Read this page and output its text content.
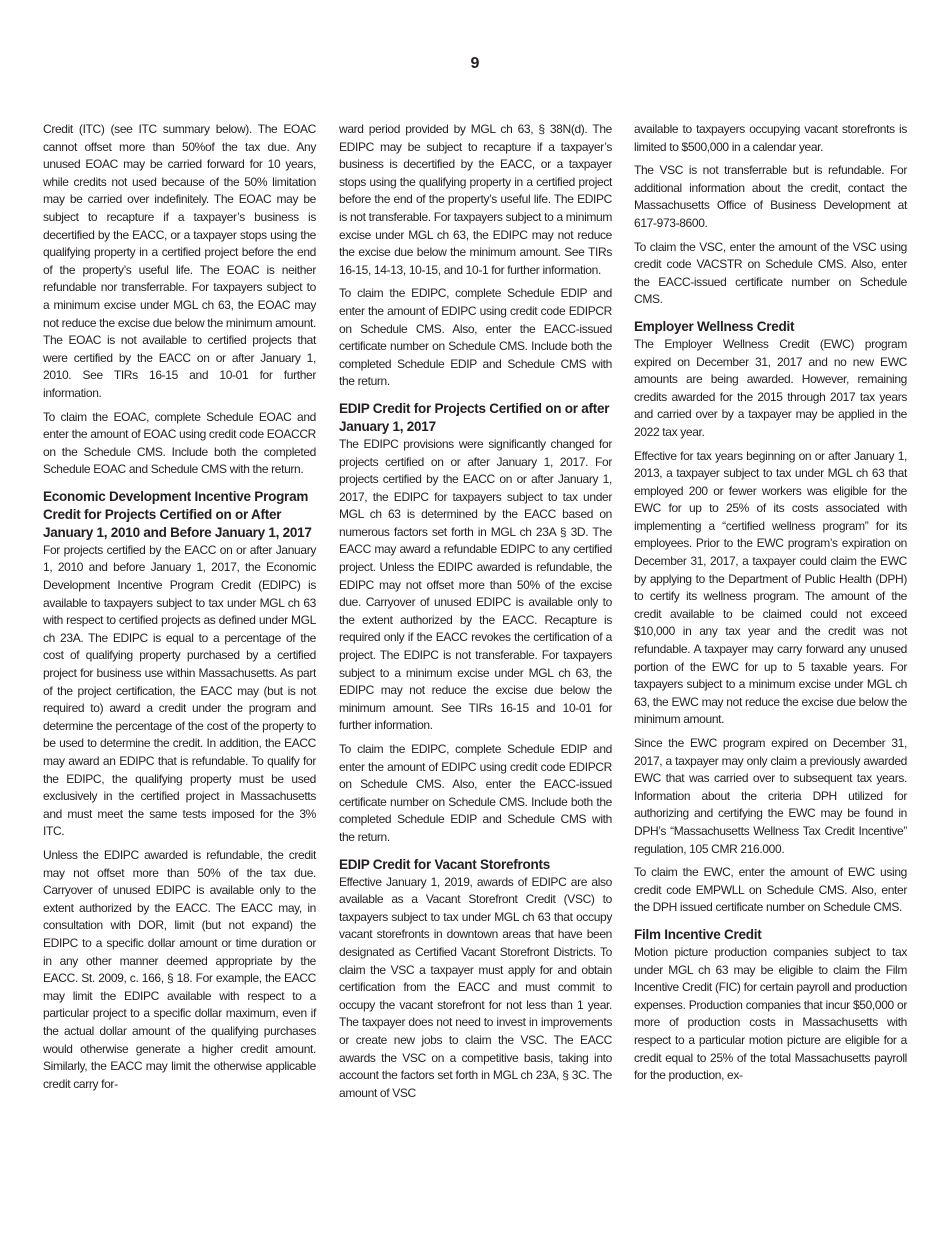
9

Credit (ITC) (see ITC summary below). The EOAC cannot offset more than 50%of the tax due. Any unused EOAC may be carried forward for 10 years, while credits not used because of the 50% limitation may be carried over indefinitely. The EOAC may be subject to recapture if a taxpayer’s business is decertified by the EACC, or a taxpayer stops using the qualifying property in a certified project before the end of the property’s useful life. The EOAC is neither refundable nor transferrable. For taxpayers subject to a minimum excise under MGL ch 63, the EOAC may not reduce the excise due below the minimum amount. The EOAC is not available to certified projects that were certified by the EACC on or after January 1, 2010. See TIRs 16-15 and 10-01 for further information.

To claim the EOAC, complete Schedule EOAC and enter the amount of EOAC using credit code EOACCR on the Schedule CMS. Include both the completed Schedule EOAC and Schedule CMS with the return.

Economic Development Incentive Program Credit for Projects Certified on or After January 1, 2010 and Before January 1, 2017

For projects certified by the EACC on or after January 1, 2010 and before January 1, 2017, the Economic Development Incentive Program Credit (EDIPC) is available to taxpayers subject to tax under MGL ch 63 with respect to certified projects as defined under MGL ch 23A. The EDIPC is equal to a percentage of the cost of qualifying property purchased by a certified project for business use within Massachusetts. As part of the project certification, the EACC may (but is not required to) award a credit under the program and determine the percentage of the cost of the property to be used to determine the credit. In addition, the EACC may award an EDIPC that is refundable. To qualify for the EDIPC, the qualifying property must be used exclusively in the certified project in Massachusetts and must meet the same tests imposed for the 3% ITC.

Unless the EDIPC awarded is refundable, the credit may not offset more than 50% of the tax due. Carryover of unused EDIPC is available only to the extent authorized by the EACC. The EACC may, in consultation with DOR, limit (but not expand) the EDIPC to a specific dollar amount or time duration or in any other manner deemed appropriate by the EACC. St. 2009, c. 166, § 18. For example, the EACC may limit the EDIPC available with respect to a particular project to a specific dollar maximum, even if the actual dollar amount of the qualifying purchases would otherwise generate a higher credit amount. Similarly, the EACC may limit the otherwise applicable credit carry for-

ward period provided by MGL ch 63, § 38N(d). The EDIPC may be subject to recapture if a taxpayer’s business is decertified by the EACC, or a taxpayer stops using the qualifying property in a certified project before the end of the property’s useful life. The EDIPC is not transferable. For taxpayers subject to a minimum excise under MGL ch 63, the EDIPC may not reduce the excise due below the minimum amount. See TIRs 16-15, 14-13, 10-15, and 10-1 for further information.

To claim the EDIPC, complete Schedule EDIP and enter the amount of EDIPC using credit code EDIPCR on Schedule CMS. Also, enter the EACC-issued certificate number on Schedule CMS. Include both the completed Schedule EDIP and Schedule CMS with the return.

EDIP Credit for Projects Certified on or after January 1, 2017

The EDIPC provisions were significantly changed for projects certified on or after January 1, 2017. For projects certified by the EACC on or after January 1, 2017, the EDIPC for taxpayers subject to tax under MGL ch 63 is determined by the EACC based on numerous factors set forth in MGL ch 23A § 3D. The EACC may award a refundable EDIPC to any certified project. Unless the EDIPC awarded is refundable, the EDIPC may not offset more than 50% of the excise due. Carryover of unused EDIPC is available only to the extent authorized by the EACC. Recapture is required only if the EACC revokes the certification of a project. The EDIPC is not transferable. For taxpayers subject to a minimum excise under MGL ch 63, the EDIPC may not reduce the excise due below the minimum amount. See TIRs 16-15 and 10-01 for further information.

To claim the EDIPC, complete Schedule EDIP and enter the amount of EDIPC using credit code EDIPCR on Schedule CMS. Also, enter the EACC-issued certificate number on Schedule CMS. Include both the completed Schedule EDIP and Schedule CMS with the return.

EDIP Credit for Vacant Storefronts

Effective January 1, 2019, awards of EDIPC are also available as a Vacant Storefront Credit (VSC) to taxpayers subject to tax under MGL ch 63 that occupy vacant storefronts in downtown areas that have been designated as Certified Vacant Storefront Districts. To claim the VSC a taxpayer must apply for and obtain certification from the EACC and must commit to occupy the vacant storefront for not less than 1 year. The taxpayer does not need to invest in improvements or create new jobs to claim the VSC. The EACC awards the VSC on a competitive basis, taking into account the factors set forth in MGL ch 23A, § 3C. The amount of VSC

available to taxpayers occupying vacant storefronts is limited to $500,000 in a calendar year.

The VSC is not transferrable but is refundable. For additional information about the credit, contact the Massachusetts Office of Business Development at 617-973-8600.

To claim the VSC, enter the amount of the VSC using credit code VACSTR on Schedule CMS. Also, enter the EACC-issued certificate number on Schedule CMS.

Employer Wellness Credit

The Employer Wellness Credit (EWC) program expired on December 31, 2017 and no new EWC amounts are being awarded. However, remaining credits awarded for the 2015 through 2017 tax years and carried over by a taxpayer may be applied in the 2022 tax year.

Effective for tax years beginning on or after January 1, 2013, a taxpayer subject to tax under MGL ch 63 that employed 200 or fewer workers was eligible for the EWC for up to 25% of its costs associated with implementing a “certified wellness program” for its employees. Prior to the EWC program’s expiration on December 31, 2017, a taxpayer could claim the EWC by applying to the Department of Public Health (DPH) to certify its wellness program. The amount of the credit available to be claimed could not exceed $10,000 in any tax year and the credit was not refundable. A taxpayer may carry forward any unused portion of the EWC for up to 5 taxable years. For taxpayers subject to a minimum excise under MGL ch 63, the EWC may not reduce the excise due below the minimum amount.

Since the EWC program expired on December 31, 2017, a taxpayer may only claim a previously awarded EWC that was carried over to subsequent tax years. Information about the criteria DPH utilized for authorizing and certifying the EWC may be found in DPH’s “Massachusetts Wellness Tax Credit Incentive” regulation, 105 CMR 216.000.

To claim the EWC, enter the amount of EWC using credit code EMPWLL on Schedule CMS. Also, enter the DPH issued certificate number on Schedule CMS.

Film Incentive Credit

Motion picture production companies subject to tax under MGL ch 63 may be eligible to claim the Film Incentive Credit (FIC) for certain payroll and production expenses. Production companies that incur $50,000 or more of production costs in Massachusetts with respect to a particular motion picture are eligible for a credit equal to 25% of the total Massachusetts payroll for the production, ex-
